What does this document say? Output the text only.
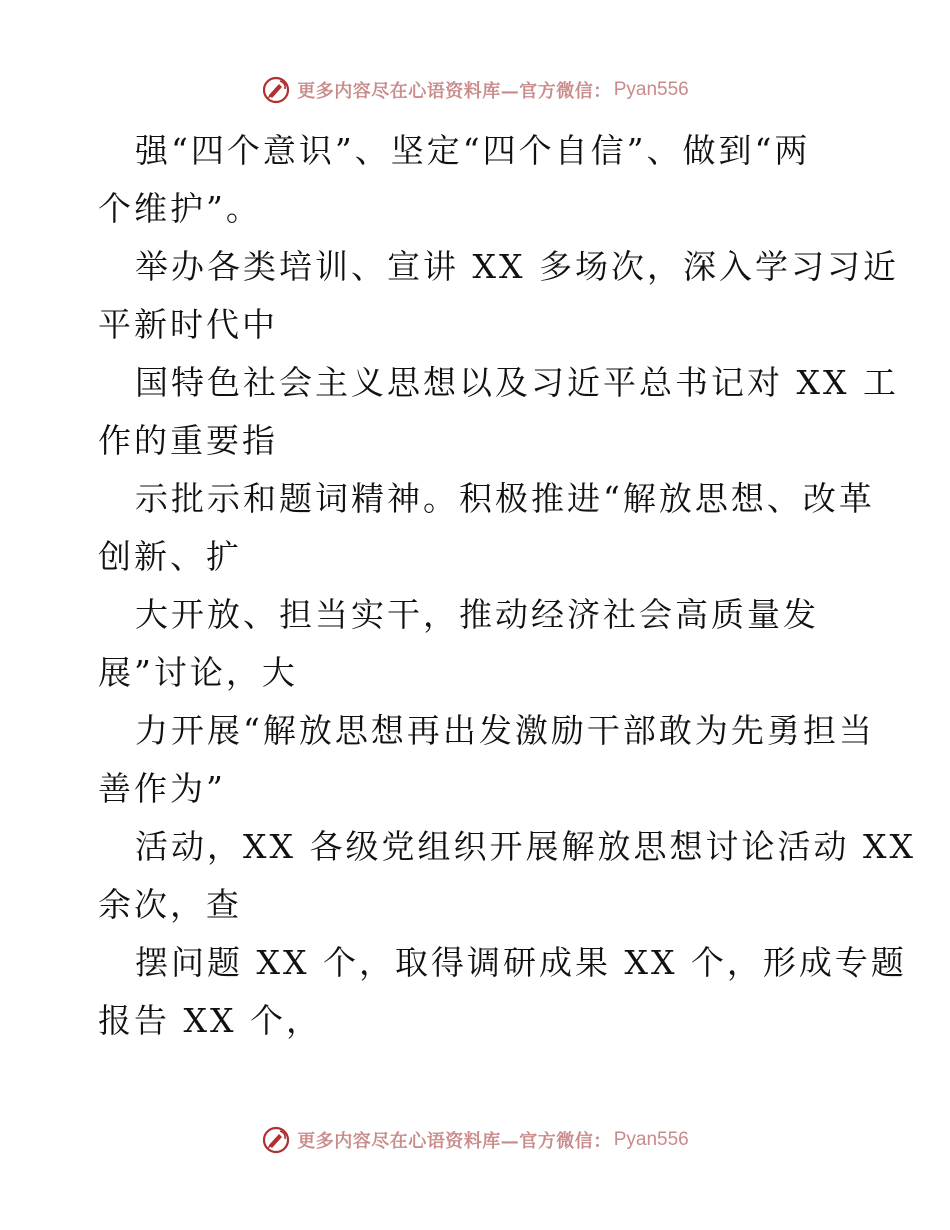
更多内容尽在心语资料库—官方微信： Pyan556
强“四个意识”、坚定“四个自信”、做到“两
个维护”。
举办各类培训、宣讲 XX 多场次，深入学习习近
平新时代中
国特色社会主义思想以及习近平总书记对 XX 工
作的重要指
示批示和题词精神。积极推进“解放思想、改革
创新、扩
大开放、担当实干，推动经济社会高质量发
展”讨论，大
力开展“解放思想再出发激励干部敢为先勇担当
善作为”
活动，XX 各级党组织开展解放思想讨论活动 XX
余次，查
摆问题 XX 个，取得调研成果 XX 个，形成专题
报告 XX 个，
更多内容尽在心语资料库—官方微信： Pyan556
